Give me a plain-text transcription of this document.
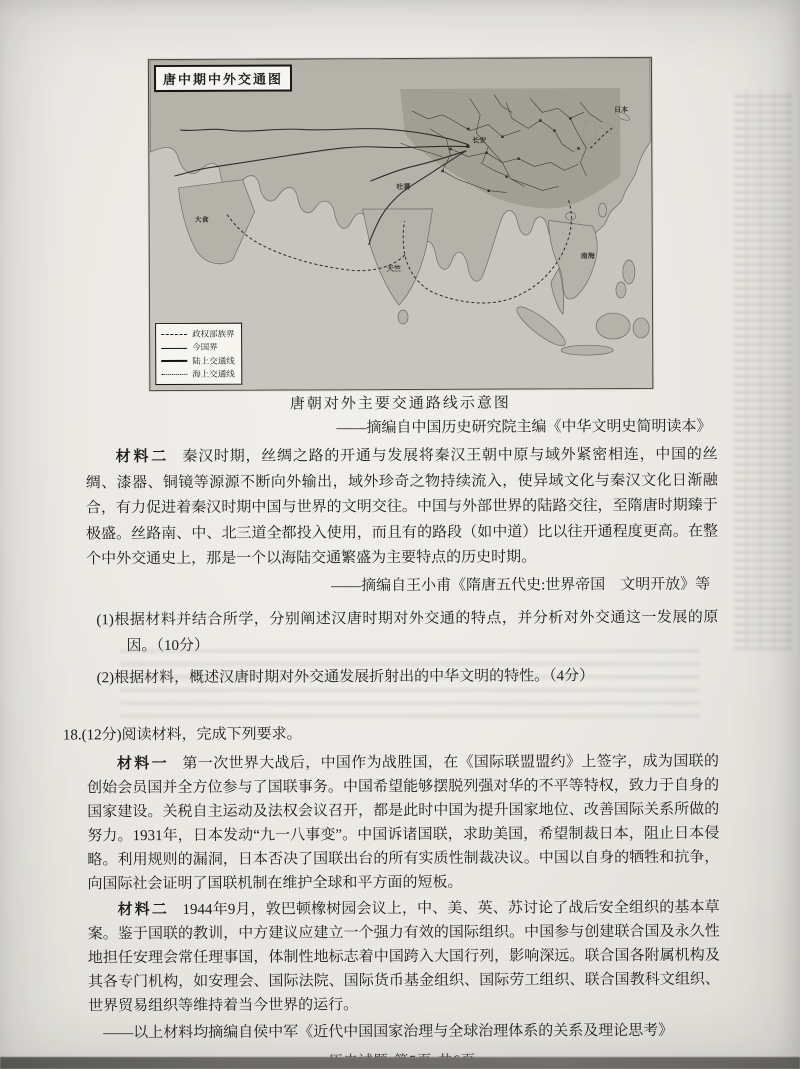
大食
吐蕃
天竺
长安
日本
南海
唐中期中外交通图
政权部族界
今国界
陆上交通线
海上交通线
唐朝对外主要交通路线示意图
——摘编自中国历史研究院主编《中华文明史简明读本》

材料二 秦汉时期，丝绸之路的开通与发展将秦汉王朝中原与域外紧密相连，中国的丝绸、漆器、铜镜等源源不断向外输出，域外珍奇之物持续流入，使异域文化与秦汉文化日渐融合，有力促进着秦汉时期中国与世界的文明交往。中国与外部世界的陆路交往，至隋唐时期臻于极盛。丝路南、中、北三道全都投入使用，而且有的路段（如中道）比以往开通程度更高。在整个中外交通史上，那是一个以海陆交通繁盛为主要特点的历史时期。

——摘编自王小甫《隋唐五代史:世界帝国　文明开放》等

(1)根据材料并结合所学，分别阐述汉唐时期对外交通的特点，并分析对外交通这一发展的原因。（10分）

(2)根据材料，概述汉唐时期对外交通发展折射出的中华文明的特性。（4分）

18.(12分)阅读材料，完成下列要求。

材料一 第一次世界大战后，中国作为战胜国，在《国际联盟盟约》上签字，成为国联的创始会员国并全方位参与了国联事务。中国希望能够摆脱列强对华的不平等特权，致力于自身的国家建设。关税自主运动及法权会议召开，都是此时中国为提升国家地位、改善国际关系所做的努力。1931年，日本发动“九一八事变”。中国诉诸国联，求助美国，希望制裁日本，阻止日本侵略。利用规则的漏洞，日本否决了国联出台的所有实质性制裁决议。中国以自身的牺牲和抗争，向国际社会证明了国联机制在维护全球和平方面的短板。

材料二 1944年9月，敦巴顿橡树园会议上，中、美、英、苏讨论了战后安全组织的基本草案。鉴于国联的教训，中方建议应建立一个强力有效的国际组织。中国参与创建联合国及永久性地担任安理会常任理事国，体制性地标志着中国跨入大国行列，影响深远。联合国各附属机构及其各专门机构，如安理会、国际法院、国际货币基金组织、国际劳工组织、联合国教科文组织、世界贸易组织等维持着当今世界的运行。

——以上材料均摘编自侯中军《近代中国国家治理与全球治理体系的关系及理论思考》
